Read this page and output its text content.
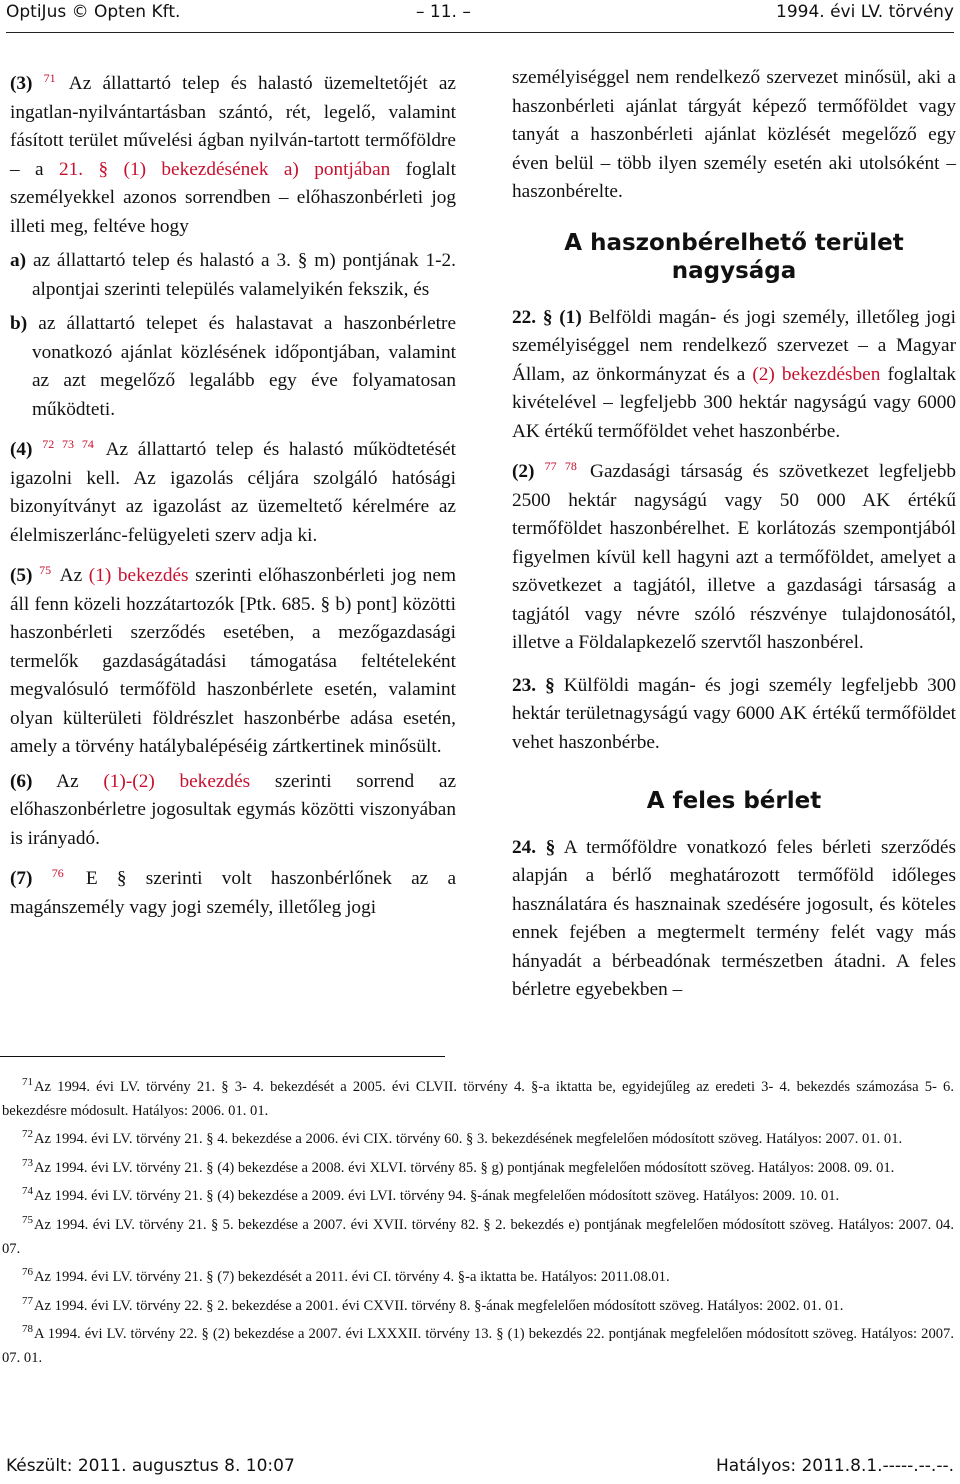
OptiJus © Opten Kft.	– 11. –	1994. évi LV. törvény

(3) $^{71}$ Az állattartó telep és halastó üzemeltetőjét az ingatlan-nyilvántartásban szántó, rét, legelő, valamint fásított terület művelési ágban nyilván-tartott termőföldre – a 21. § (1) bekezdésének a) pontjában foglalt személyekkel azonos sorrendben – előhaszonbérleti jog illeti meg, feltéve hogy

a) az állattartó telep és halastó a 3. § m) pontjának 1-2. alpontjai szerinti település valamelyikén fekszik, és

b) az állattartó telepet és halastavat a haszonbérletre vonatkozó ajánlat közlésének időpontjában, valamint az azt megelőző legalább egy éve folyamatosan működteti.

(4) $^{72 73 74}$ Az állattartó telep és halastó működtetését igazolni kell. Az igazolás céljára szolgáló hatósági bizonyítványt az igazolást az üzemeltető kérelmére az élelmiszerlánc-felügyeleti szerv adja ki.

(5) $^{75}$ Az (1) bekezdés szerinti előhaszonbérleti jog nem áll fenn közeli hozzátartozók [Ptk. 685. § b) pont] közötti haszonbérleti szerződés esetében, a mezőgazdasági termelők gazdaságátadási támogatása feltételeként megvalósuló termőföld haszonbérlete esetén, valamint olyan külterületi földrészlet haszonbérbe adása esetén, amely a törvény hatálybalépéséig zártkertinek minősült.

(6) Az (1)-(2) bekezdés szerinti sorrend az előhaszonbérletre jogosultak egymás közötti viszonyában is irányadó.

(7) $^{76}$ E § szerinti volt haszonbérlőnek az a magánszemély vagy jogi személy, illetőleg jogi

személyiséggel nem rendelkező szervezet minősül, aki a haszonbérleti ajánlat tárgyát képező termőföldet vagy tanyát a haszonbérleti ajánlat közlését megelőző egy éven belül – több ilyen személy esetén aki utolsóként – haszonbérelte.

A haszonbérelhető terület nagysága

22. § (1) Belföldi magán- és jogi személy, illetőleg jogi személyiséggel nem rendelkező szervezet – a Magyar Állam, az önkormányzat és a (2) bekezdésben foglaltak kivételével – legfeljebb 300 hektár nagyságú vagy 6000 AK értékű termőföldet vehet haszonbérbe.

(2) $^{77 78}$ Gazdasági társaság és szövetkezet legfeljebb 2500 hektár nagyságú vagy 50 000 AK értékű termőföldet haszonbérelhet. E korlátozás szempontjából figyelmen kívül kell hagyni azt a termőföldet, amelyet a szövetkezet a tagjától, illetve a gazdasági társaság a tagjától vagy névre szóló részvénye tulajdonosától, illetve a Földalapkezelő szervtől haszonbérel.

23. § Külföldi magán- és jogi személy legfeljebb 300 hektár területnagyságú vagy 6000 AK értékű termőföldet vehet haszonbérbe.

A feles bérlet

24. § A termőföldre vonatkozó feles bérleti szerződés alapján a bérlő meghatározott termőföld időleges használatára és hasznainak szedésére jogosult, és köteles ennek fejében a megtermelt termény felét vagy más hányadát a bérbeadónak természetben átadni. A feles bérletre egyebekben –

$^{71}$Az 1994. évi LV. törvény 21. § 3- 4. bekezdését a 2005. évi CLVII. törvény 4. §-a iktatta be, egyidejűleg az eredeti 3- 4. bekezdés számozása 5- 6. bekezdésre módosult. Hatályos: 2006. 01. 01.
$^{72}$Az 1994. évi LV. törvény 21. § 4. bekezdése a 2006. évi CIX. törvény 60. § 3. bekezdésének megfelelően módosított szöveg. Hatályos: 2007. 01. 01.
$^{73}$Az 1994. évi LV. törvény 21. § (4) bekezdése a 2008. évi XLVI. törvény 85. § g) pontjának megfelelően módosított szöveg. Hatályos: 2008. 09. 01.
$^{74}$Az 1994. évi LV. törvény 21. § (4) bekezdése a 2009. évi LVI. törvény 94. §-ának megfelelően módosított szöveg. Hatályos: 2009. 10. 01.
$^{75}$Az 1994. évi LV. törvény 21. § 5. bekezdése a 2007. évi XVII. törvény 82. § 2. bekezdés e) pontjának megfelelően módosított szöveg. Hatályos: 2007. 04. 07.
$^{76}$Az 1994. évi LV. törvény 21. § (7) bekezdését a 2011. évi CI. törvény 4. §-a iktatta be. Hatályos: 2011.08.01.
$^{77}$Az 1994. évi LV. törvény 22. § 2. bekezdése a 2001. évi CXVII. törvény 8. §-ának megfelelően módosított szöveg. Hatályos: 2002. 01. 01.
$^{78}$A 1994. évi LV. törvény 22. § (2) bekezdése a 2007. évi LXXXII. törvény 13. § (1) bekezdés 22. pontjának megfelelően módosított szöveg. Hatályos: 2007. 07. 01.
Készült: 2011. augusztus 8. 10:07	Hatályos: 2011.8.1.-----.--.--.
